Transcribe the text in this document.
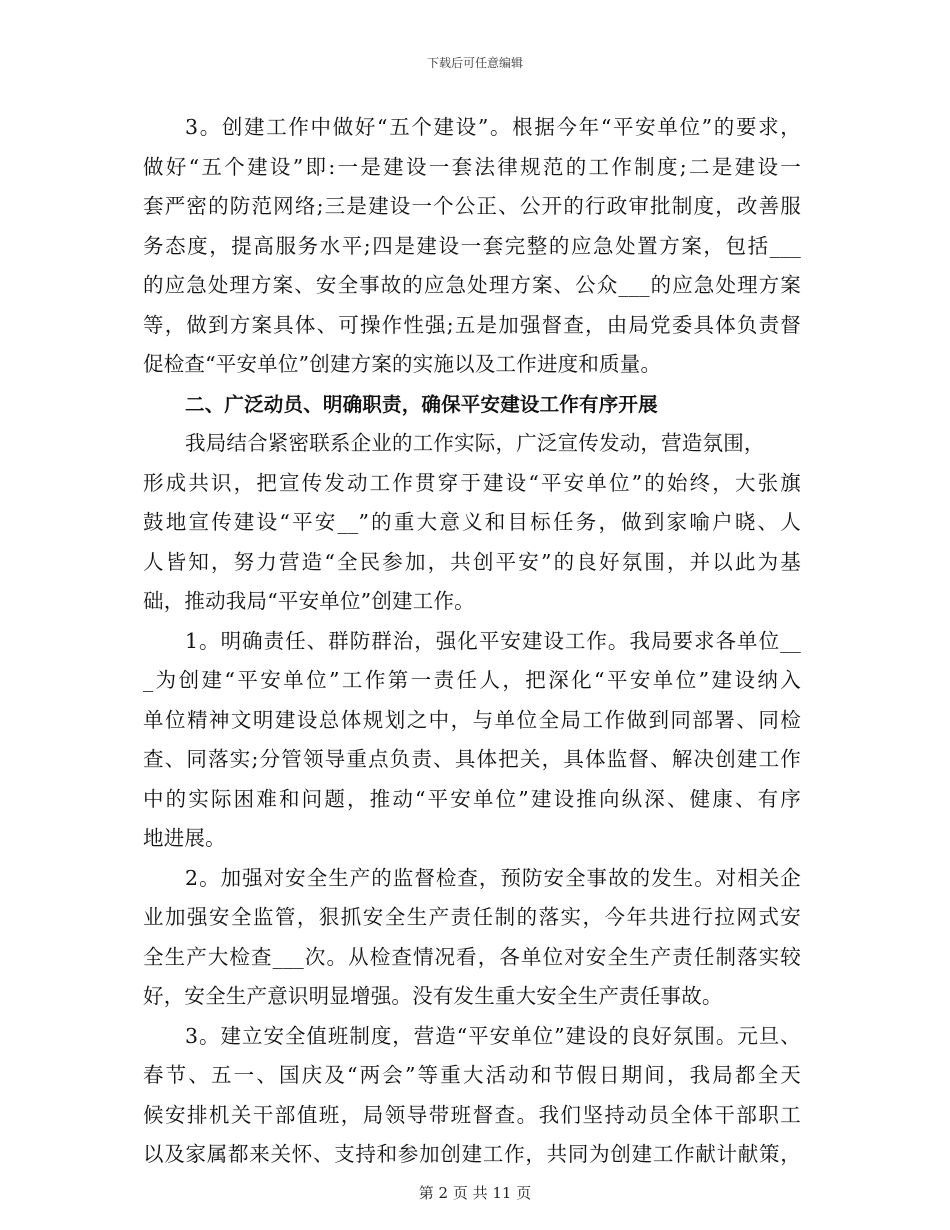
下载后可任意编辑
3。创建工作中做好“五个建设”。根据今年“平安单位”的要求，
做好“五个建设”即:一是建设一套法律规范的工作制度;二是建设一
套严密的防范网络;三是建设一个公正、公开的行政审批制度，改善服
务态度，提高服务水平;四是建设一套完整的应急处置方案，包括___
的应急处理方案、安全事故的应急处理方案、公众___的应急处理方案
等，做到方案具体、可操作性强;五是加强督查，由局党委具体负责督
促检查“平安单位”创建方案的实施以及工作进度和质量。
二、广泛动员、明确职责，确保平安建设工作有序开展
我局结合紧密联系企业的工作实际，广泛宣传发动，营造氛围，
形成共识，把宣传发动工作贯穿于建设“平安单位”的始终，大张旗
鼓地宣传建设“平安__”的重大意义和目标任务，做到家喻户晓、人
人皆知，努力营造“全民参加，共创平安”的良好氛围，并以此为基
础，推动我局“平安单位”创建工作。
1。明确责任、群防群治，强化平安建设工作。我局要求各单位__
_为创建“平安单位”工作第一责任人，把深化“平安单位”建设纳入
单位精神文明建设总体规划之中，与单位全局工作做到同部署、同检
查、同落实;分管领导重点负责、具体把关，具体监督、解决创建工作
中的实际困难和问题，推动“平安单位”建设推向纵深、健康、有序
地进展。
2。加强对安全生产的监督检查，预防安全事故的发生。对相关企
业加强安全监管，狠抓安全生产责任制的落实，今年共进行拉网式安
全生产大检查___次。从检查情况看，各单位对安全生产责任制落实较
好，安全生产意识明显增强。没有发生重大安全生产责任事故。
3。建立安全值班制度，营造“平安单位”建设的良好氛围。元旦、
春节、五一、国庆及“两会”等重大活动和节假日期间，我局都全天
候安排机关干部值班，局领导带班督查。我们坚持动员全体干部职工
以及家属都来关怀、支持和参加创建工作，共同为创建工作献计献策，
第 2 页 共 11 页
